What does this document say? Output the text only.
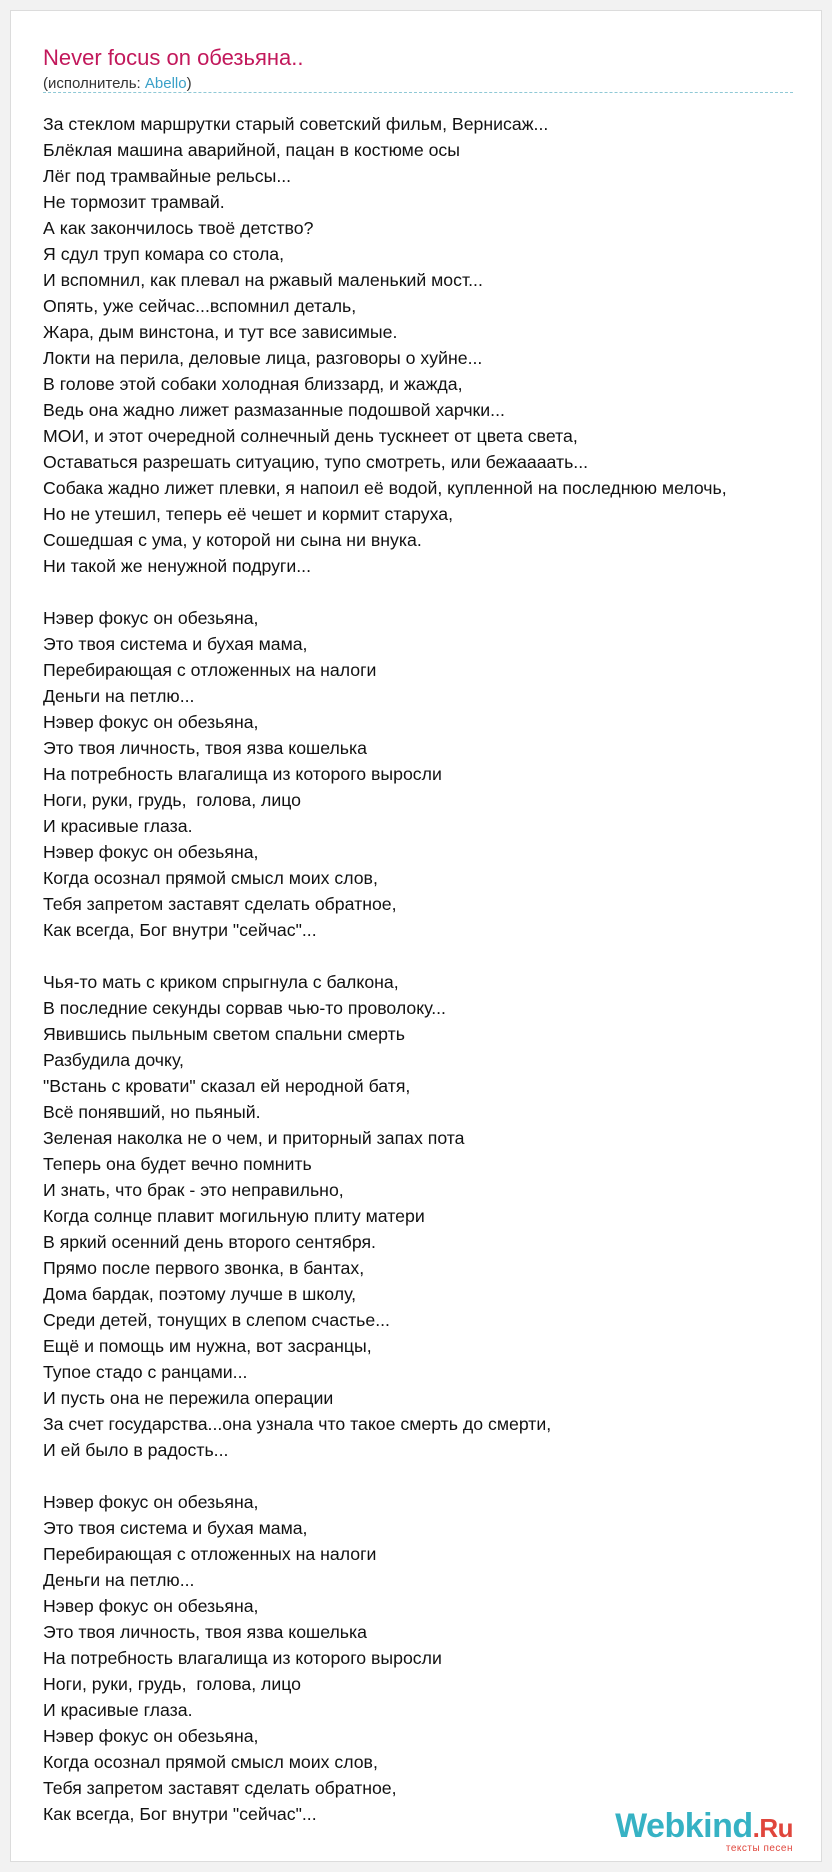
Never focus on обезьяна..
(исполнитель: Abello)
За стеклом маршрутки старый советский фильм, Вернисаж...
Блёклая машина аварийной, пацан в костюме осы
Лёг под трамвайные рельсы...
Не тормозит трамвай.
А как закончилось твоё детство?
Я сдул труп комара со стола,
И вспомнил, как плевал на ржавый маленький мост...
Опять, уже сейчас...вспомнил деталь,
Жара, дым винстона, и тут все зависимые.
Локти на перила, деловые лица, разговоры о хуйне...
В голове этой собаки холодная близзард, и жажда,
Ведь она жадно лижет размазанные подошвой харчки...
МОИ, и этот очередной солнечный день тускнеет от цвета света,
Оставаться разрешать ситуацию, тупо смотреть, или бежаааать...
Собака жадно лижет плевки, я напоил её водой, купленной на последнюю мелочь,
Но не утешил, теперь её чешет и кормит старуха,
Сошедшая с ума, у которой ни сына ни внука.
Ни такой же ненужной подруги...

Нэвер фокус он обезьяна,
Это твоя система и бухая мама,
Перебирающая с отложенных на налоги
Деньги на петлю...
Нэвер фокус он обезьяна,
Это твоя личность, твоя язва кошелька
На потребность влагалища из которого выросли
Ноги, руки, грудь,  голова, лицо
И красивые глаза.
Нэвер фокус он обезьяна,
Когда осознал прямой смысл моих слов,
Тебя запретом заставят сделать обратное,
Как всегда, Бог внутри "сейчас"...

Чья-то мать с криком спрыгнула с балкона,
В последние секунды сорвав чью-то проволоку...
Явившись пыльным светом спальни смерть
Разбудила дочку,
"Встань с кровати" сказал ей неродной батя,
Всё понявший, но пьяный.
Зеленая наколка не о чем, и приторный запах пота
Теперь она будет вечно помнить
И знать, что брак - это неправильно,
Когда солнце плавит могильную плиту матери
В яркий осенний день второго сентября.
Прямо после первого звонка, в бантах,
Дома бардак, поэтому лучше в школу,
Среди детей, тонущих в слепом счастье...
Ещё и помощь им нужна, вот засранцы,
Тупое стадо с ранцами...
И пусть она не пережила операции
За счет государства...она узнала что такое смерть до смерти,
И ей было в радость...

Нэвер фокус он обезьяна,
Это твоя система и бухая мама,
Перебирающая с отложенных на налоги
Деньги на петлю...
Нэвер фокус он обезьяна,
Это твоя личность, твоя язва кошелька
На потребность влагалища из которого выросли
Ноги, руки, грудь,  голова, лицо
И красивые глаза.
Нэвер фокус он обезьяна,
Когда осознал прямой смысл моих слов,
Тебя запретом заставят сделать обратное,
Как всегда, Бог внутри "сейчас"...	Webkind.Ru
тексты песен
